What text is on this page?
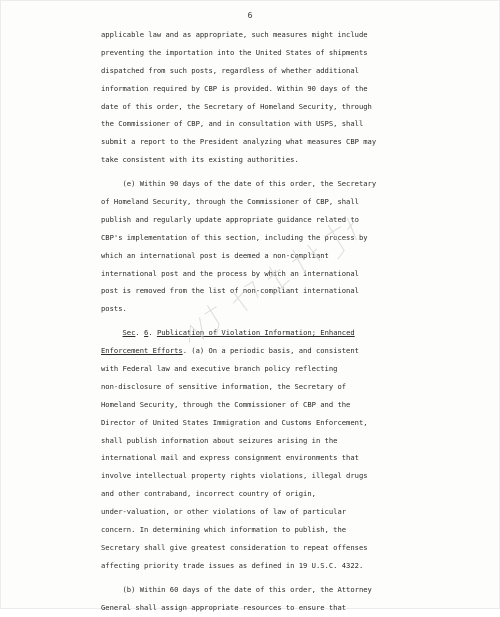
6
applicable law and as appropriate, such measures might include
preventing the importation into the United States of shipments
dispatched from such posts, regardless of whether additional
information required by CBP is provided. Within 90 days of the
date of this order, the Secretary of Homeland Security, through
the Commissioner of CBP, and in consultation with USPS, shall
submit a report to the President analyzing what measures CBP may
take consistent with its existing authorities.
(e) Within 90 days of the date of this order, the Secretary
of Homeland Security, through the Commissioner of CBP, shall
publish and regularly update appropriate guidance related to
CBP's implementation of this section, including the process by
which an international post is deemed a non-compliant
international post and the process by which an international
post is removed from the list of non-compliant international
posts.
Sec. 6. Publication of Violation Information; Enhanced
Enforcement Efforts. (a) On a periodic basis, and consistent
with Federal law and executive branch policy reflecting
non-disclosure of sensitive information, the Secretary of
Homeland Security, through the Commissioner of CBP and the
Director of United States Immigration and Customs Enforcement,
shall publish information about seizures arising in the
international mail and express consignment environments that
involve intellectual property rights violations, illegal drugs
and other contraband, incorrect country of origin,
under-valuation, or other violations of law of particular
concern. In determining which information to publish, the
Secretary shall give greatest consideration to repeat offenses
affecting priority trade issues as defined in 19 U.S.C. 4322.
(b) Within 60 days of the date of this order, the Attorney
General shall assign appropriate resources to ensure that
